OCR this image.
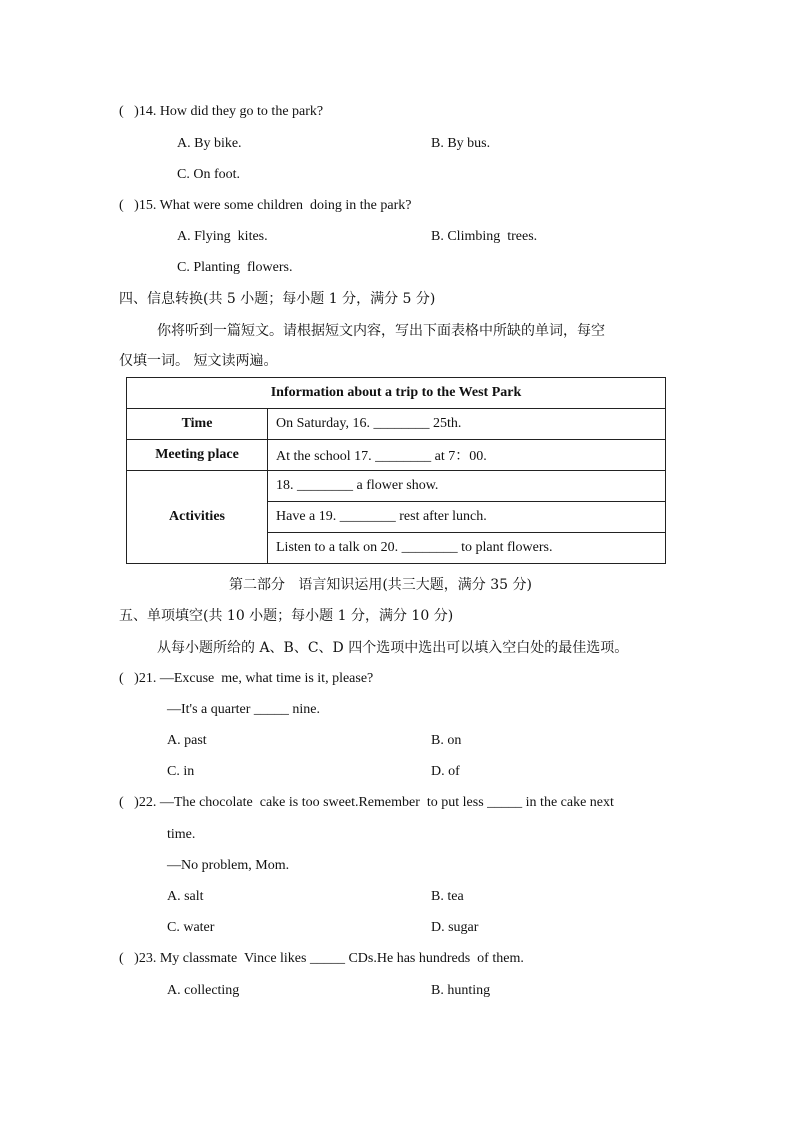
(   )14. How did they go to the park?
A. By bike.	B. By bus.
C. On foot.
(   )15. What were some children  doing in the park?
A. Flying  kites.	B. Climbing  trees.
C. Planting  flowers.
四、信息转换(共 5 小题；每小题 1 分，满分 5 分)
你将听到一篇短文。请根据短文内容，写出下面表格中所缺的单词，每空
仅填一词。 短文读两遍。
Information about a trip to the West Park	
Time	On Saturday, 16. ________ 25th.
Meeting place	At the school 17. ________ at 7：00.
Activities	18. ________ a flower show.
	Have a 19. ________ rest after lunch.
	Listen to a talk on 20. ________ to plant flowers.
第二部分   语言知识运用(共三大题，满分 35 分)
五、单项填空(共 10 小题；每小题 1 分，满分 10 分)
从每小题所给的 A、B、C、D 四个选项中选出可以填入空白处的最佳选项。
(   )21. —Excuse  me, what time is it, please?
—It's a quarter _____ nine.
A. past	B. on
C. in	D. of
(   )22. —The chocolate  cake is too sweet.Remember  to put less _____ in the cake next
time.
—No problem, Mom.
A. salt	B. tea
C. water	D. sugar
(   )23. My classmate  Vince likes _____ CDs.He has hundreds  of them.
A. collecting	B. hunting
